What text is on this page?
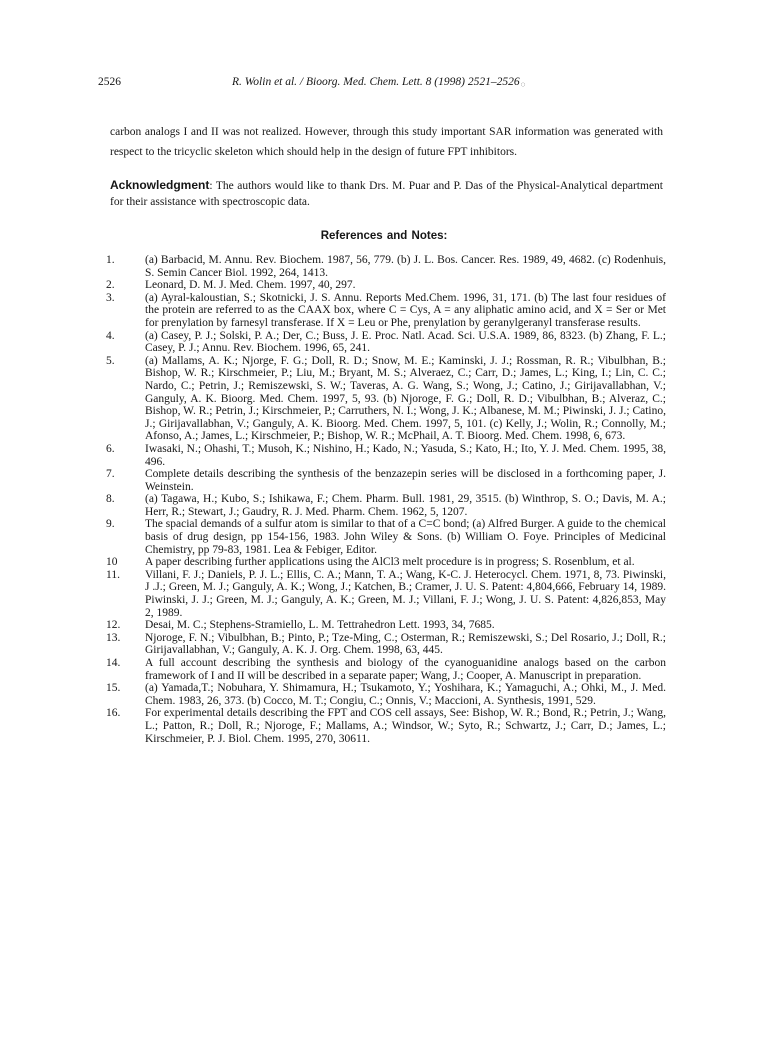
2526	R. Wolin et al. / Bioorg. Med. Chem. Lett. 8 (1998) 2521–2526◌
carbon analogs I and II was not realized. However, through this study important SAR information was generated with respect to the tricyclic skeleton which should help in the design of future FPT inhibitors.
Acknowledgment: The authors would like to thank Drs. M. Puar and P. Das of the Physical-Analytical department for their assistance with spectroscopic data.
References and Notes:
1.	(a) Barbacid, M. Annu. Rev. Biochem. 1987, 56, 779. (b) J. L. Bos. Cancer. Res. 1989, 49, 4682. (c) Rodenhuis, S. Semin Cancer Biol. 1992, 264, 1413.
2.	Leonard, D. M. J. Med. Chem. 1997, 40, 297.
3.	(a) Ayral-kaloustian, S.; Skotnicki, J. S. Annu. Reports Med.Chem. 1996, 31, 171. (b) The last four residues of the protein are referred to as the CAAX box, where C = Cys, A = any aliphatic amino acid, and X = Ser or Met for prenylation by farnesyl transferase. If X = Leu or Phe, prenylation by geranylgeranyl transferase results.
4.	(a) Casey, P. J.; Solski, P. A.; Der, C.; Buss, J. E. Proc. Natl. Acad. Sci. U.S.A. 1989, 86, 8323. (b) Zhang, F. L.; Casey, P. J.; Annu. Rev. Biochem. 1996, 65, 241.
5.	(a) Mallams, A. K.; Njorge, F. G.; Doll, R. D.; Snow, M. E.; Kaminski, J. J.; Rossman, R. R.; Vibulbhan, B.; Bishop, W. R.; Kirschmeier, P.; Liu, M.; Bryant, M. S.; Alveraez, C.; Carr, D.; James, L.; King, I.; Lin, C. C.; Nardo, C.; Petrin, J.; Remiszewski, S. W.; Taveras, A. G. Wang, S.; Wong, J.; Catino, J.; Girijavallabhan, V.; Ganguly, A. K. Bioorg. Med. Chem. 1997, 5, 93. (b) Njoroge, F. G.; Doll, R. D.; Vibulbhan, B.; Alveraz, C.; Bishop, W. R.; Petrin, J.; Kirschmeier, P.; Carruthers, N. I.; Wong, J. K.; Albanese, M. M.; Piwinski, J. J.; Catino, J.; Girijavallabhan, V.; Ganguly, A. K. Bioorg. Med. Chem. 1997, 5, 101. (c) Kelly, J.; Wolin, R.; Connolly, M.; Afonso, A.; James, L.; Kirschmeier, P.; Bishop, W. R.; McPhail, A. T. Bioorg. Med. Chem. 1998, 6, 673.
6.	Iwasaki, N.; Ohashi, T.; Musoh, K.; Nishino, H.; Kado, N.; Yasuda, S.; Kato, H.; Ito, Y. J. Med. Chem. 1995, 38, 496.
7.	Complete details describing the synthesis of the benzazepin series will be disclosed in a forthcoming paper, J. Weinstein.
8.	(a) Tagawa, H.; Kubo, S.; Ishikawa, F.; Chem. Pharm. Bull. 1981, 29, 3515. (b) Winthrop, S. O.; Davis, M. A.; Herr, R.; Stewart, J.; Gaudry, R. J. Med. Pharm. Chem. 1962, 5, 1207.
9.	The spacial demands of a sulfur atom is similar to that of a C=C bond; (a) Alfred Burger. A guide to the chemical basis of drug design, pp 154-156, 1983. John Wiley & Sons. (b) William O. Foye. Principles of Medicinal Chemistry, pp 79-83, 1981. Lea & Febiger, Editor.
10	A paper describing further applications using the AlCl3 melt procedure is in progress; S. Rosenblum, et al.
11.	Villani, F. J.; Daniels, P. J. L.; Ellis, C. A.; Mann, T. A.; Wang, K-C. J. Heterocycl. Chem. 1971, 8, 73. Piwinski, J .J.; Green, M. J.; Ganguly, A. K.; Wong, J.; Katchen, B.; Cramer, J. U. S. Patent: 4,804,666, February 14, 1989. Piwinski, J. J.; Green, M. J.; Ganguly, A. K.; Green, M. J.; Villani, F. J.; Wong, J. U. S. Patent: 4,826,853, May 2, 1989.
12.	Desai, M. C.; Stephens-Stramiello, L. M. Tettrahedron Lett. 1993, 34, 7685.
13.	Njoroge, F. N.; Vibulbhan, B.; Pinto, P.; Tze-Ming, C.; Osterman, R.; Remiszewski, S.; Del Rosario, J.; Doll, R.; Girijavallabhan, V.; Ganguly, A. K. J. Org. Chem. 1998, 63, 445.
14.	A full account describing the synthesis and biology of the cyanoguanidine analogs based on the carbon framework of I and II will be described in a separate paper; Wang, J.; Cooper, A. Manuscript in preparation.
15.	(a) Yamada,T.; Nobuhara, Y. Shimamura, H.; Tsukamoto, Y.; Yoshihara, K.; Yamaguchi, A.; Ohki, M., J. Med. Chem. 1983, 26, 373. (b) Cocco, M. T.; Congiu, C.; Onnis, V.; Maccioni, A. Synthesis, 1991, 529.
16.	For experimental details describing the FPT and COS cell assays, See: Bishop, W. R.; Bond, R.; Petrin, J.; Wang, L.; Patton, R.; Doll, R.; Njoroge, F.; Mallams, A.; Windsor, W.; Syto, R.; Schwartz, J.; Carr, D.; James, L.; Kirschmeier, P. J. Biol. Chem. 1995, 270, 30611.
